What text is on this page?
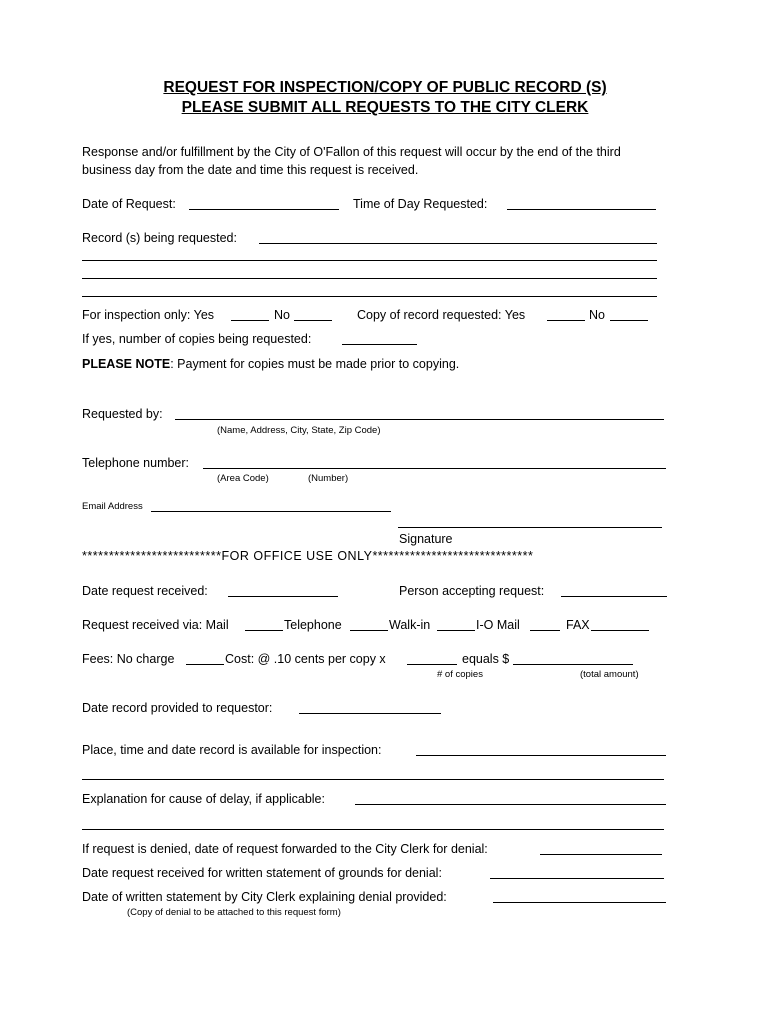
REQUEST FOR INSPECTION/COPY OF PUBLIC RECORD (S)
PLEASE SUBMIT ALL REQUESTS TO THE CITY CLERK
Response and/or fulfillment by the City of O'Fallon of this request will occur by the end of the third
business day from the date and time this request is received.
Date of Request:	Time of Day Requested:
Record (s) being requested:
For inspection only: Yes	No	Copy of record requested: Yes	No
If yes, number of copies being requested:
PLEASE NOTE: Payment for copies must be made prior to copying.
Requested by:
(Name, Address, City, State, Zip Code)
Telephone number:
(Area Code)	(Number)
Email Address
Signature
**************************FOR OFFICE USE ONLY******************************
Date request received:	Person accepting request:
Request received via: Mail	Telephone	Walk-in	I-O Mail	FAX
Fees: No charge	Cost: @ .10 cents per copy x	equals $
# of copies	(total amount)
Date record provided to requestor:
Place, time and date record is available for inspection:
Explanation for cause of delay, if applicable:
If request is denied, date of request forwarded to the City Clerk for denial:
Date request received for written statement of grounds for denial:
Date of written statement by City Clerk explaining denial provided:
(Copy of denial to be attached to this request form)
